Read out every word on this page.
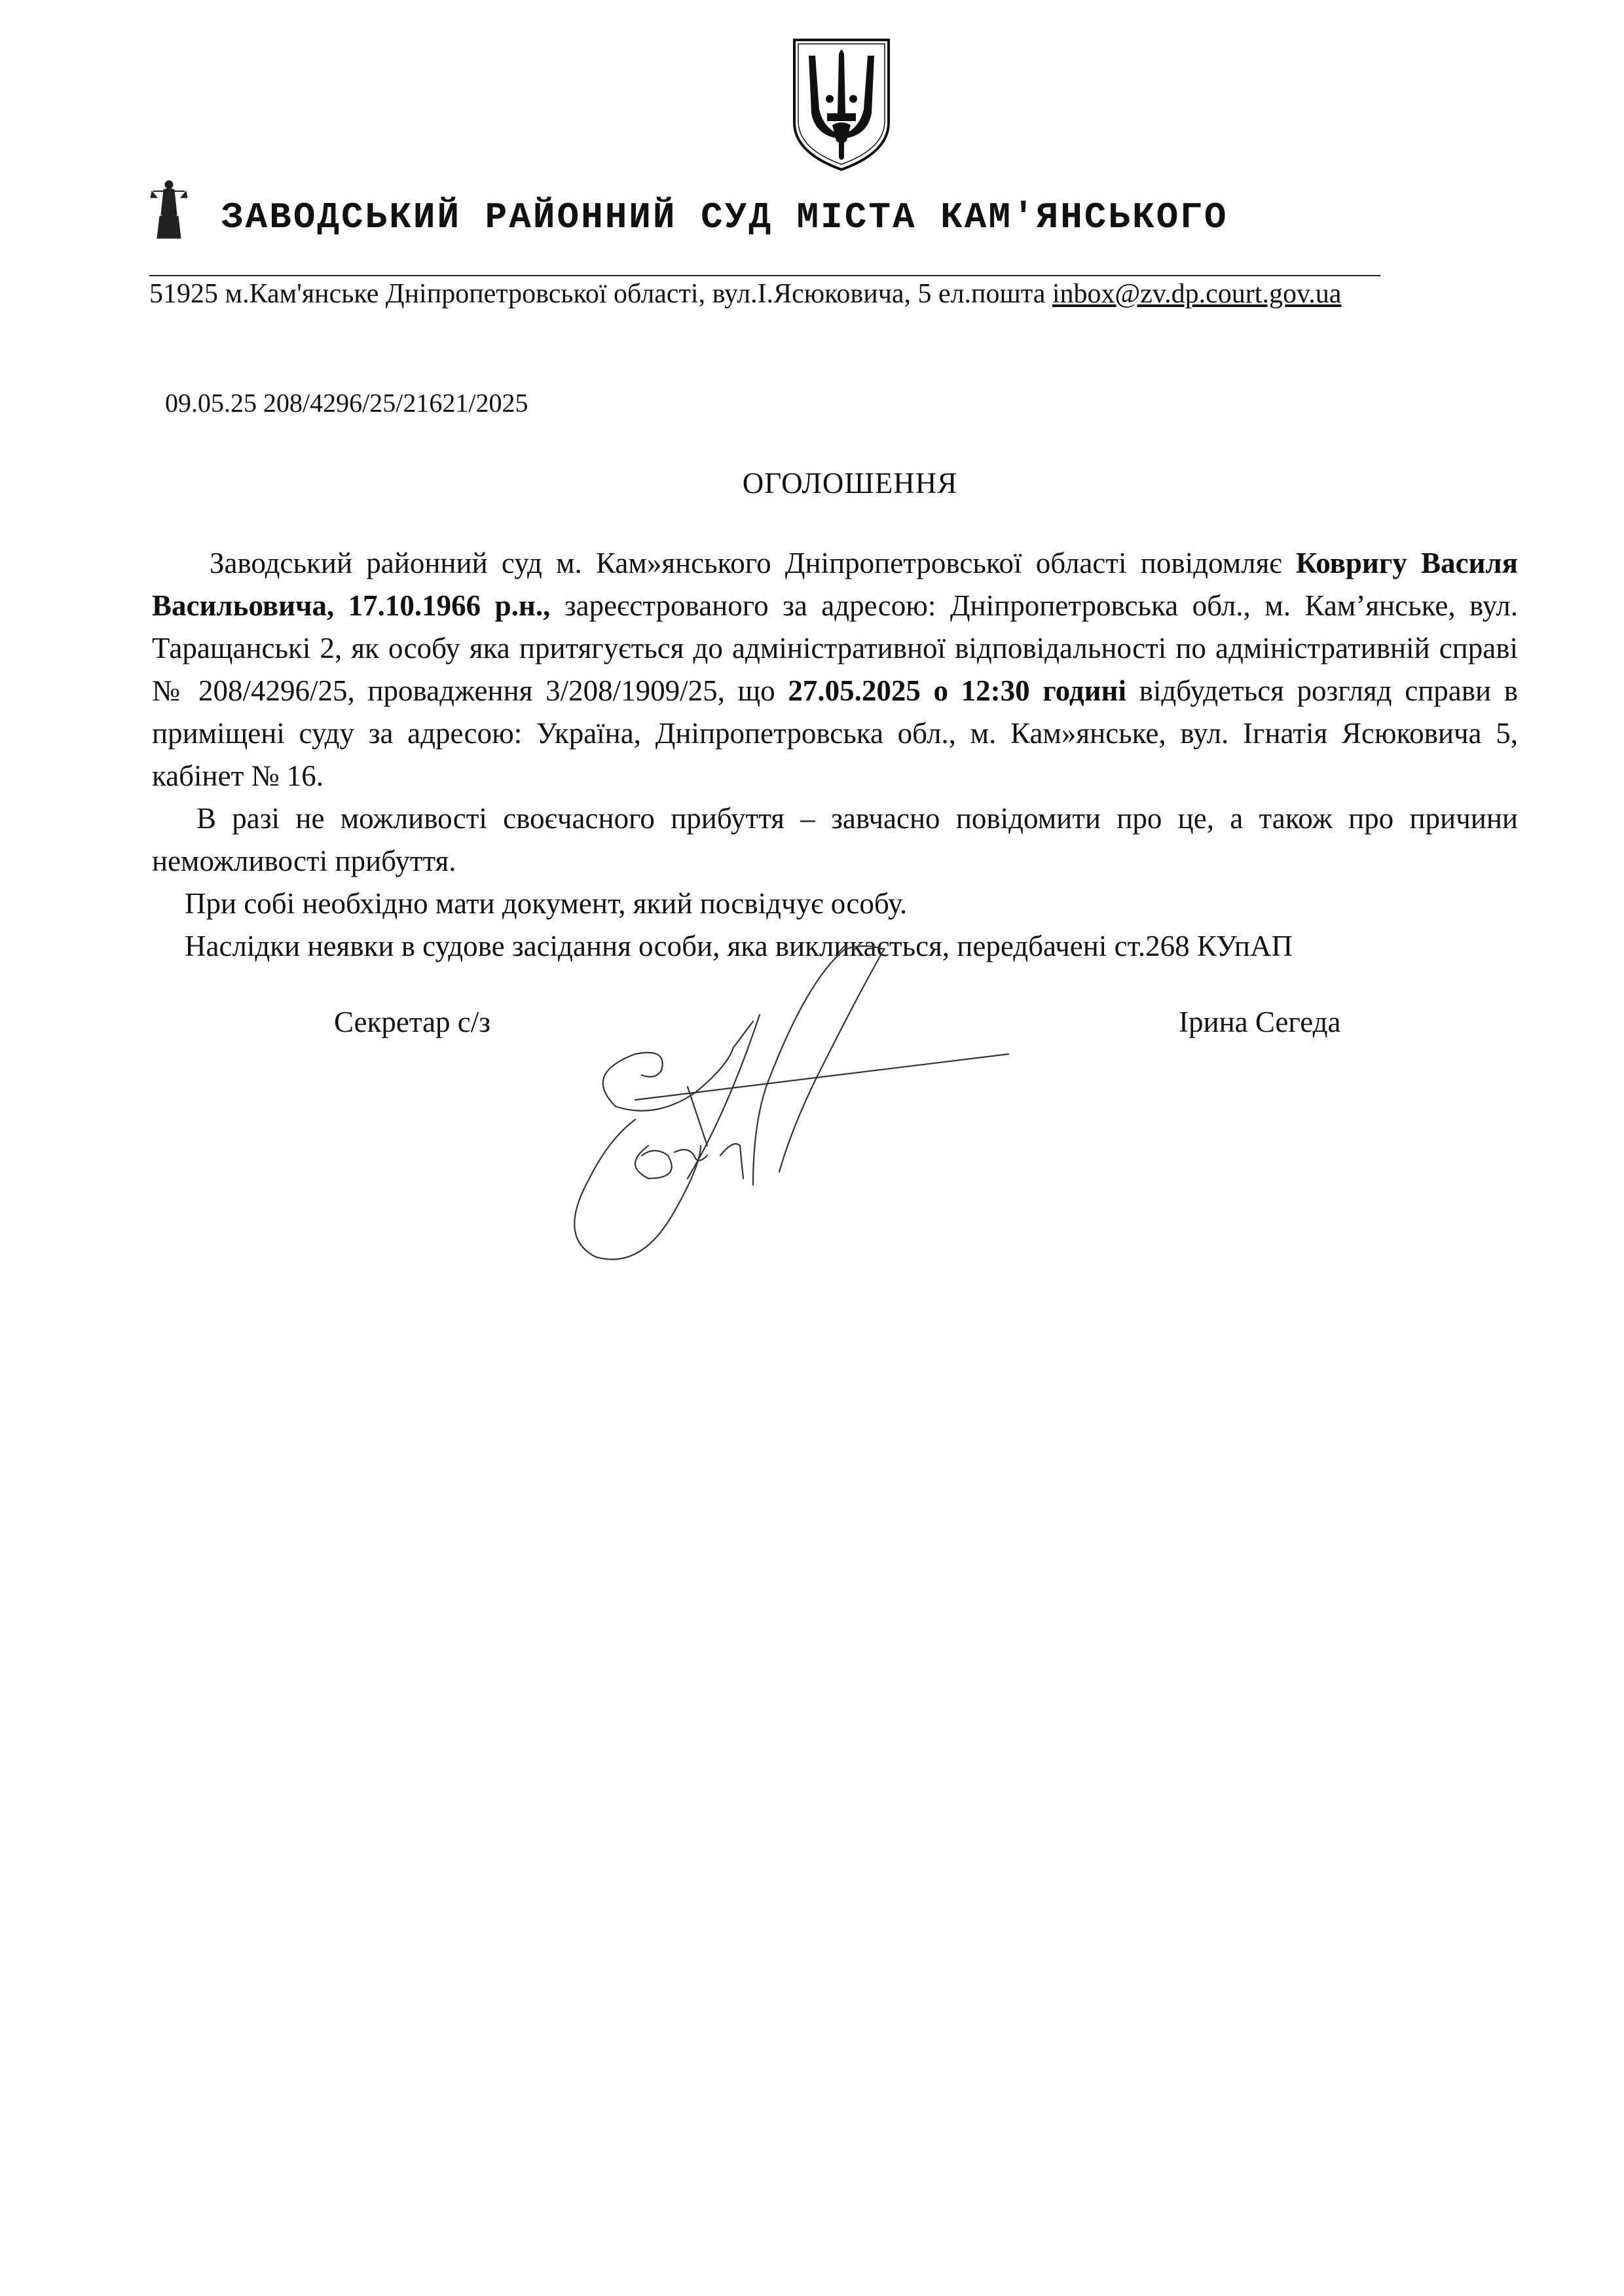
ЗАВОДСЬКИЙ РАЙОННИЙ СУД МІСТА КАМ'ЯНСЬКОГО
51925 м.Кам'янське Дніпропетровської області, вул.І.Ясюковича, 5 ел.пошта inbox@zv.dp.court.gov.ua
09.05.25 208/4296/25/21621/2025
ОГОЛОШЕННЯ

Заводський районний суд м. Кам»янського Дніпропетровської області повідомляє Ковригу Василя Васильовича, 17.10.1966 р.н., зареєстрованого за адресою: Дніпропетровська обл., м. Кам’янське, вул. Таращанські 2, як особу яка притягується до адміністративної відповідальності по адміністративній справі № 208/4296/25, провадження 3/208/1909/25, що 27.05.2025 о 12:30 годині відбудеться розгляд справи в приміщені суду за адресою: Україна, Дніпропетровська обл., м. Кам»янське, вул. Ігнатія Ясюковича 5, кабінет № 16.

В разі не можливості своєчасного прибуття – завчасно повідомити про це, а також про причини неможливості прибуття.

При собі необхідно мати документ, який посвідчує особу.

Наслідки неявки в судове засідання особи, яка викликається, передбачені ст.268 КУпАП

Секретар с/з	Ірина Сегеда
